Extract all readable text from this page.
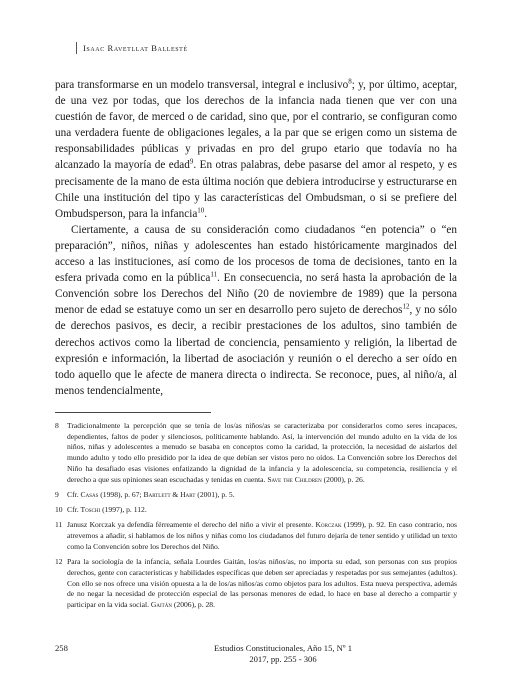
Isaac Ravetllat Ballesté

para transformarse en un modelo transversal, integral e inclusivo$^8$; y, por último, aceptar, de una vez por todas, que los derechos de la infancia nada tienen que ver con una cuestión de favor, de merced o de caridad, sino que, por el contrario, se configuran como una verdadera fuente de obligaciones legales, a la par que se erigen como un sistema de responsabilidades públicas y privadas en pro del grupo etario que todavía no ha alcanzado la mayoría de edad$^9$. En otras palabras, debe pasarse del amor al respeto, y es precisamente de la mano de esta última noción que debiera introducirse y estructurarse en Chile una institución del tipo y las características del Ombudsman, o si se prefiere del Ombudsperson, para la infancia$^{10}$.

Ciertamente, a causa de su consideración como ciudadanos “en potencia” o “en preparación”, niños, niñas y adolescentes han estado históricamente marginados del acceso a las instituciones, así como de los procesos de toma de decisiones, tanto en la esfera privada como en la pública$^{11}$. En consecuencia, no será hasta la aprobación de la Convención sobre los Derechos del Niño (20 de noviembre de 1989) que la persona menor de edad se estatuye como un ser en desarrollo pero sujeto de derechos$^{12}$, y no sólo de derechos pasivos, es decir, a recibir prestaciones de los adultos, sino también de derechos activos como la libertad de conciencia, pensamiento y religión, la libertad de expresión e información, la libertad de asociación y reunión o el derecho a ser oído en todo aquello que le afecte de manera directa o indirecta. Se reconoce, pues, al niño/a, al menos tendencialmente,

8 Tradicionalmente la percepción que se tenía de los/as niños/as se caracterizaba por considerarlos como seres incapaces, dependientes, faltos de poder y silenciosos, políticamente hablando. Así, la intervención del mundo adulto en la vida de los niños, niñas y adolescentes a menudo se basaba en conceptos como la caridad, la protección, la necesidad de aislarlos del mundo adulto y todo ello presidido por la idea de que debían ser vistos pero no oídos. La Convención sobre los Derechos del Niño ha desafiado esas visiones enfatizando la dignidad de la infancia y la adolescencia, su competencia, resiliencia y el derecho a que sus opiniones sean escuchadas y tenidas en cuenta. Save the Children (2000), p. 26.
9 Cfr. Casas (1998), p. 67; Bartlett & Hart (2001), p. 5.
10 Cfr. Toschi (1997), p. 112.
11 Janusz Korczak ya defendía férreamente el derecho del niño a vivir el presente. Korczak (1999), p. 92. En caso contrario, nos atrevemos a añadir, si hablamos de los niños y niñas como los ciudadanos del futuro dejaría de tener sentido y utilidad un texto como la Convención sobre los Derechos del Niño.
12 Para la sociología de la infancia, señala Lourdes Gaitán, los/as niños/as, no importa su edad, son personas con sus propios derechos, gente con características y habilidades específicas que deben ser apreciadas y respetadas por sus semejantes (adultos). Con ello se nos ofrece una visión opuesta a la de los/as niños/as como objetos para los adultos. Esta nueva perspectiva, además de no negar la necesidad de protección especial de las personas menores de edad, lo hace en base al derecho a compartir y participar en la vida social. Gaitán (2006), p. 28.
258	Estudios Constitucionales, Año 15, Nº 1
2017, pp. 255 - 306
